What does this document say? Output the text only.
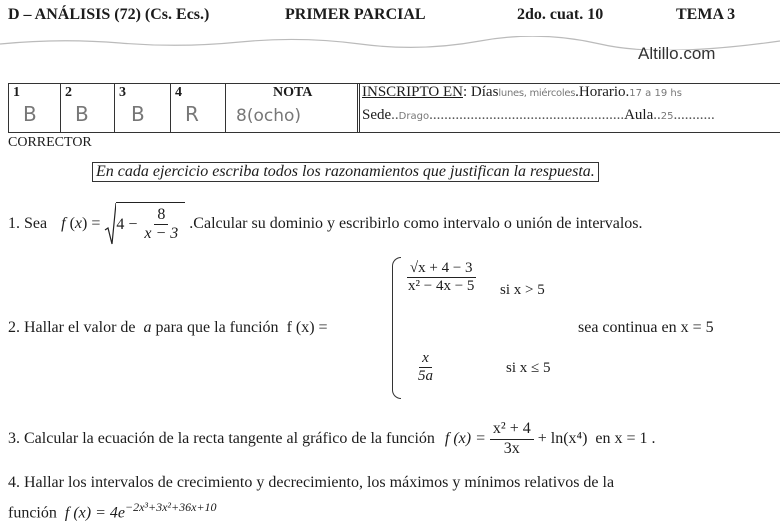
D – ANÁLISIS (72) (Cs. Ecs.)	PRIMER PARCIAL	2do. cuat. 10	TEMA 3
Altillo.com
1
B

2
B

3
B

4
R

NOTA
8(ocho)
CORRECTOR
INSCRIPTO EN: Díaslunes, miércoles.Horario.17 a 19 hs
Sede..Drago....................................................Aula..25...........
En cada ejercicio escriba todos los razonamientos que justifican la respuesta.
1. Sea f ( x ) = $4 - \frac{8}{x - 3}$ .Calcular su dominio y escribirlo como intervalo o unión de intervalos.
2. Hallar el valor de a para que la función f (x) =
$\frac{√x + 4 - 3}{\text{x² − 4x − 5}}$ si x > 5
$\frac{x}{5a}$	si x ≤ 5
sea continua en x = 5
3. Calcular la ecuación de la recta tangente al gráfico de la función f $(x) = \frac{\text{x² + 4}}{3x} + \ln(x^4)$ en x = 1 .
4. Hallar los intervalos de crecimiento y decrecimiento, los máximos y mínimos relativos de la
función f $(x) = 4e^{-2x^3+3x^2+36x+10}$
